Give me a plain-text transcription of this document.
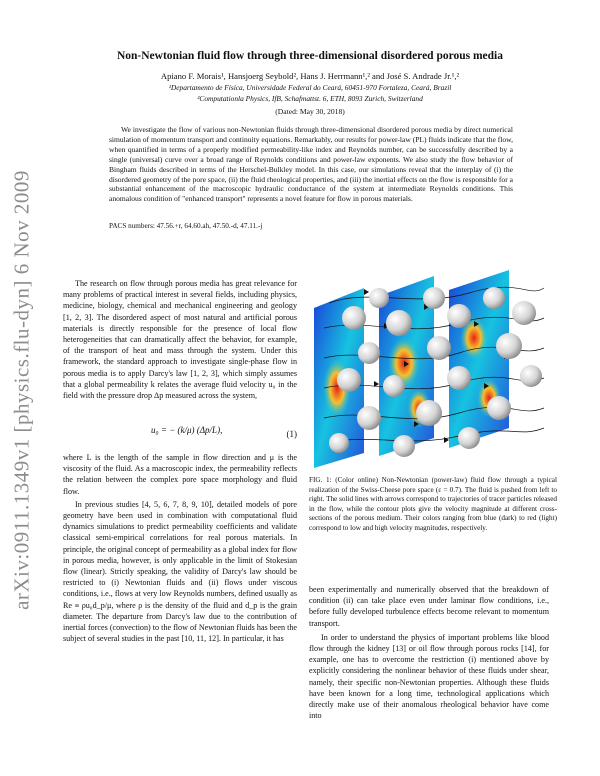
arXiv:0911.1349v1 [physics.flu-dyn] 6 Nov 2009
Non-Newtonian fluid flow through three-dimensional disordered porous media
Apiano F. Morais¹, Hansjoerg Seybold², Hans J. Herrmann¹,² and José S. Andrade Jr.¹,²
¹Departamento de Física, Universidade Federal do Ceará, 60451-970 Fortaleza, Ceará, Brazil
²Computationla Physics, IfB, Schafmattst. 6, ETH, 8093 Zurich, Switzerland
(Dated: May 30, 2018)

We investigate the flow of various non-Newtonian fluids through three-dimensional disordered porous media by direct numerical simulation of momentum transport and continuity equations. Remarkably, our results for power-law (PL) fluids indicate that the flow, when quantified in terms of a properly modified permeability-like index and Reynolds number, can be successfully described by a single (universal) curve over a broad range of Reynolds conditions and power-law exponents. We also study the flow behavior of Bingham fluids described in terms of the Herschel-Bulkley model. In this case, our simulations reveal that the interplay of (i) the disordered geometry of the pore space, (ii) the fluid rheological properties, and (iii) the inertial effects on the flow is responsible for a substantial enhancement of the macroscopic hydraulic conductance of the system at intermediate Reynolds conditions. This anomalous condition of "enhanced transport" represents a novel feature for flow in porous materials.

PACS numbers: 47.56.+r, 64.60.ah, 47.50.-d, 47.11.-j

The research on flow through porous media has great relevance for many problems of practical interest in several fields, including physics, medicine, biology, chemical and mechanical engineering and geology [1, 2, 3]. The disordered aspect of most natural and artificial porous materials is directly responsible for the presence of local flow heterogeneities that can dramatically affect the behavior, for example, of the transport of heat and mass through the system. Under this framework, the standard approach to investigate single-phase flow in porous media is to apply Darcy's law [1, 2, 3], which simply assumes that a global permeability k relates the average fluid velocity u₀ in the field with the pressure drop Δp measured across the system,

u₀ = − (k/μ) (Δp/L),	(1)

where L is the length of the sample in flow direction and μ is the viscosity of the fluid. As a macroscopic index, the permeability reflects the relation between the complex pore space morphology and fluid flow.

In previous studies [4, 5, 6, 7, 8, 9, 10], detailed models of pore geometry have been used in combination with computational fluid dynamics simulations to predict permeability coefficients and validate classical semi-empirical correlations for real porous materials. In principle, the original concept of permeability as a global index for flow in porous media, however, is only applicable in the limit of Stokesian flow (linear). Strictly speaking, the validity of Darcy's law should be restricted to (i) Newtonian fluids and (ii) flows under viscous conditions, i.e., flows at very low Reynolds numbers, defined usually as Re ≡ ρu₀d_p/μ, where ρ is the density of the fluid and d_p is the grain diameter. The departure from Darcy's law due to the contribution of inertial forces (convection) to the flow of Newtonian fluids has been the subject of several studies in the past [10, 11, 12]. In particular, it has

FIG. 1: (Color online) Non-Newtonian (power-law) fluid flow through a typical realization of the Swiss-Cheese pore space (ε = 0.7). The fluid is pushed from left to right. The solid lines with arrows correspond to trajectories of tracer particles released in the flow, while the contour plots give the velocity magnitude at different cross-sections of the porous medium. Their colors ranging from blue (dark) to red (light) correspond to low and high velocity magnitudes, respectively.

been experimentally and numerically observed that the breakdown of condition (ii) can take place even under laminar flow conditions, i.e., before fully developed turbulence effects become relevant to momentum transport.

In order to understand the physics of important problems like blood flow through the kidney [13] or oil flow through porous rocks [14], for example, one has to overcome the restriction (i) mentioned above by explicitly considering the nonlinear behavior of these fluids under shear, namely, their specific non-Newtonian properties. Although these fluids have been known for a long time, technological applications which directly make use of their anomalous rheological behavior have come into
